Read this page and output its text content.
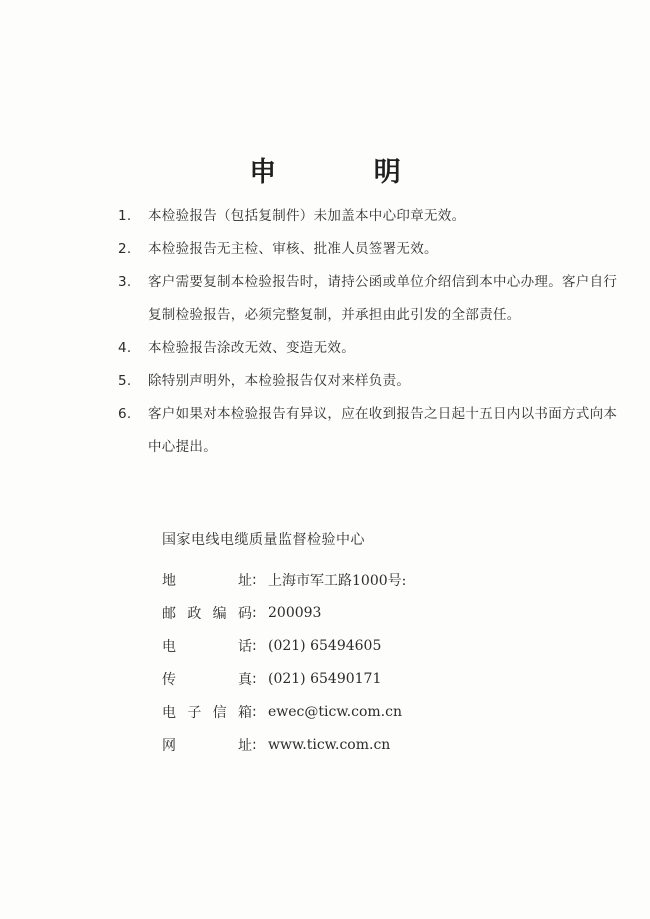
申 明
1.	本检验报告（包括复制件）未加盖本中心印章无效。
2.	本检验报告无主检、审核、批准人员签署无效。
3.	客户需要复制本检验报告时，请持公函或单位介绍信到本中心办理。客户自行复制检验报告，必须完整复制，并承担由此引发的全部责任。
4.	本检验报告涂改无效、变造无效。
5.	除特别声明外，本检验报告仅对来样负责。
6.	客户如果对本检验报告有异议，应在收到报告之日起十五日内以书面方式向本中心提出。
国家电线电缆质量监督检验中心
地	址 : 上海市军工路1000号:
邮 政 编 码 : 200093
电	话 : (021) 65494605
传	真 : (021) 65490171
电 子 信 箱 : ewec@ticw.com.cn
网	址 : www.ticw.com.cn
